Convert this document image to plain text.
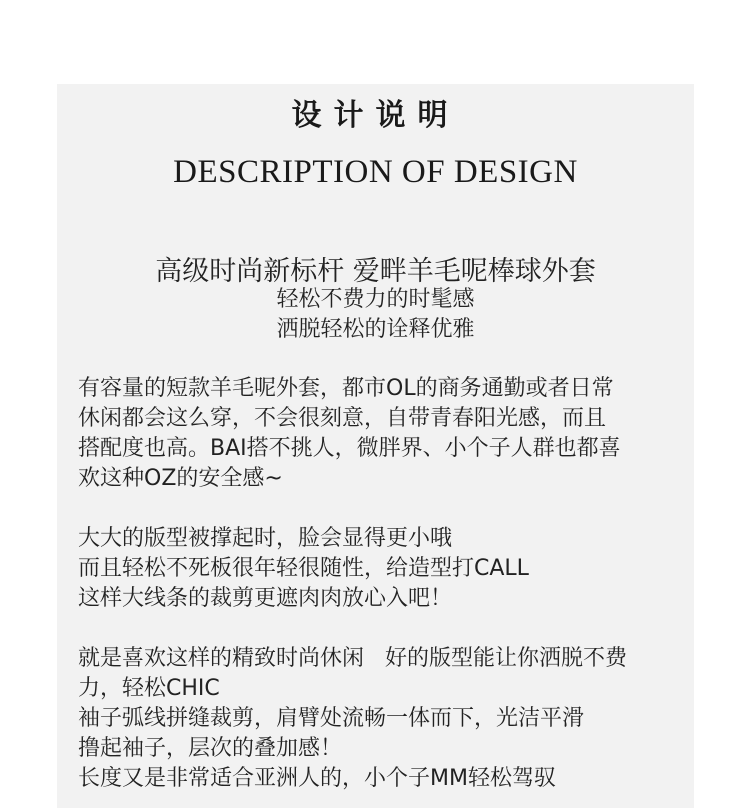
设计说明
DESCRIPTION OF DESIGN
高级时尚新标杆 爱畔羊毛呢棒球外套
轻松不费力的时髦感
洒脱轻松的诠释优雅
有容量的短款羊毛呢外套，都市OL的商务通勤或者日常
休闲都会这么穿，不会很刻意，自带青春阳光感，而且
搭配度也高。BAI搭不挑人，微胖界、小个子人群也都喜
欢这种OZ的安全感~
大大的版型被撑起时，脸会显得更小哦
而且轻松不死板很年轻很随性，给造型打CALL
这样大线条的裁剪更遮肉肉放心入吧！
就是喜欢这样的精致时尚休闲   好的版型能让你洒脱不费
力，轻松CHIC
袖子弧线拼缝裁剪，肩臂处流畅一体而下，光洁平滑
撸起袖子，层次的叠加感！
长度又是非常适合亚洲人的，小个子MM轻松驾驭
